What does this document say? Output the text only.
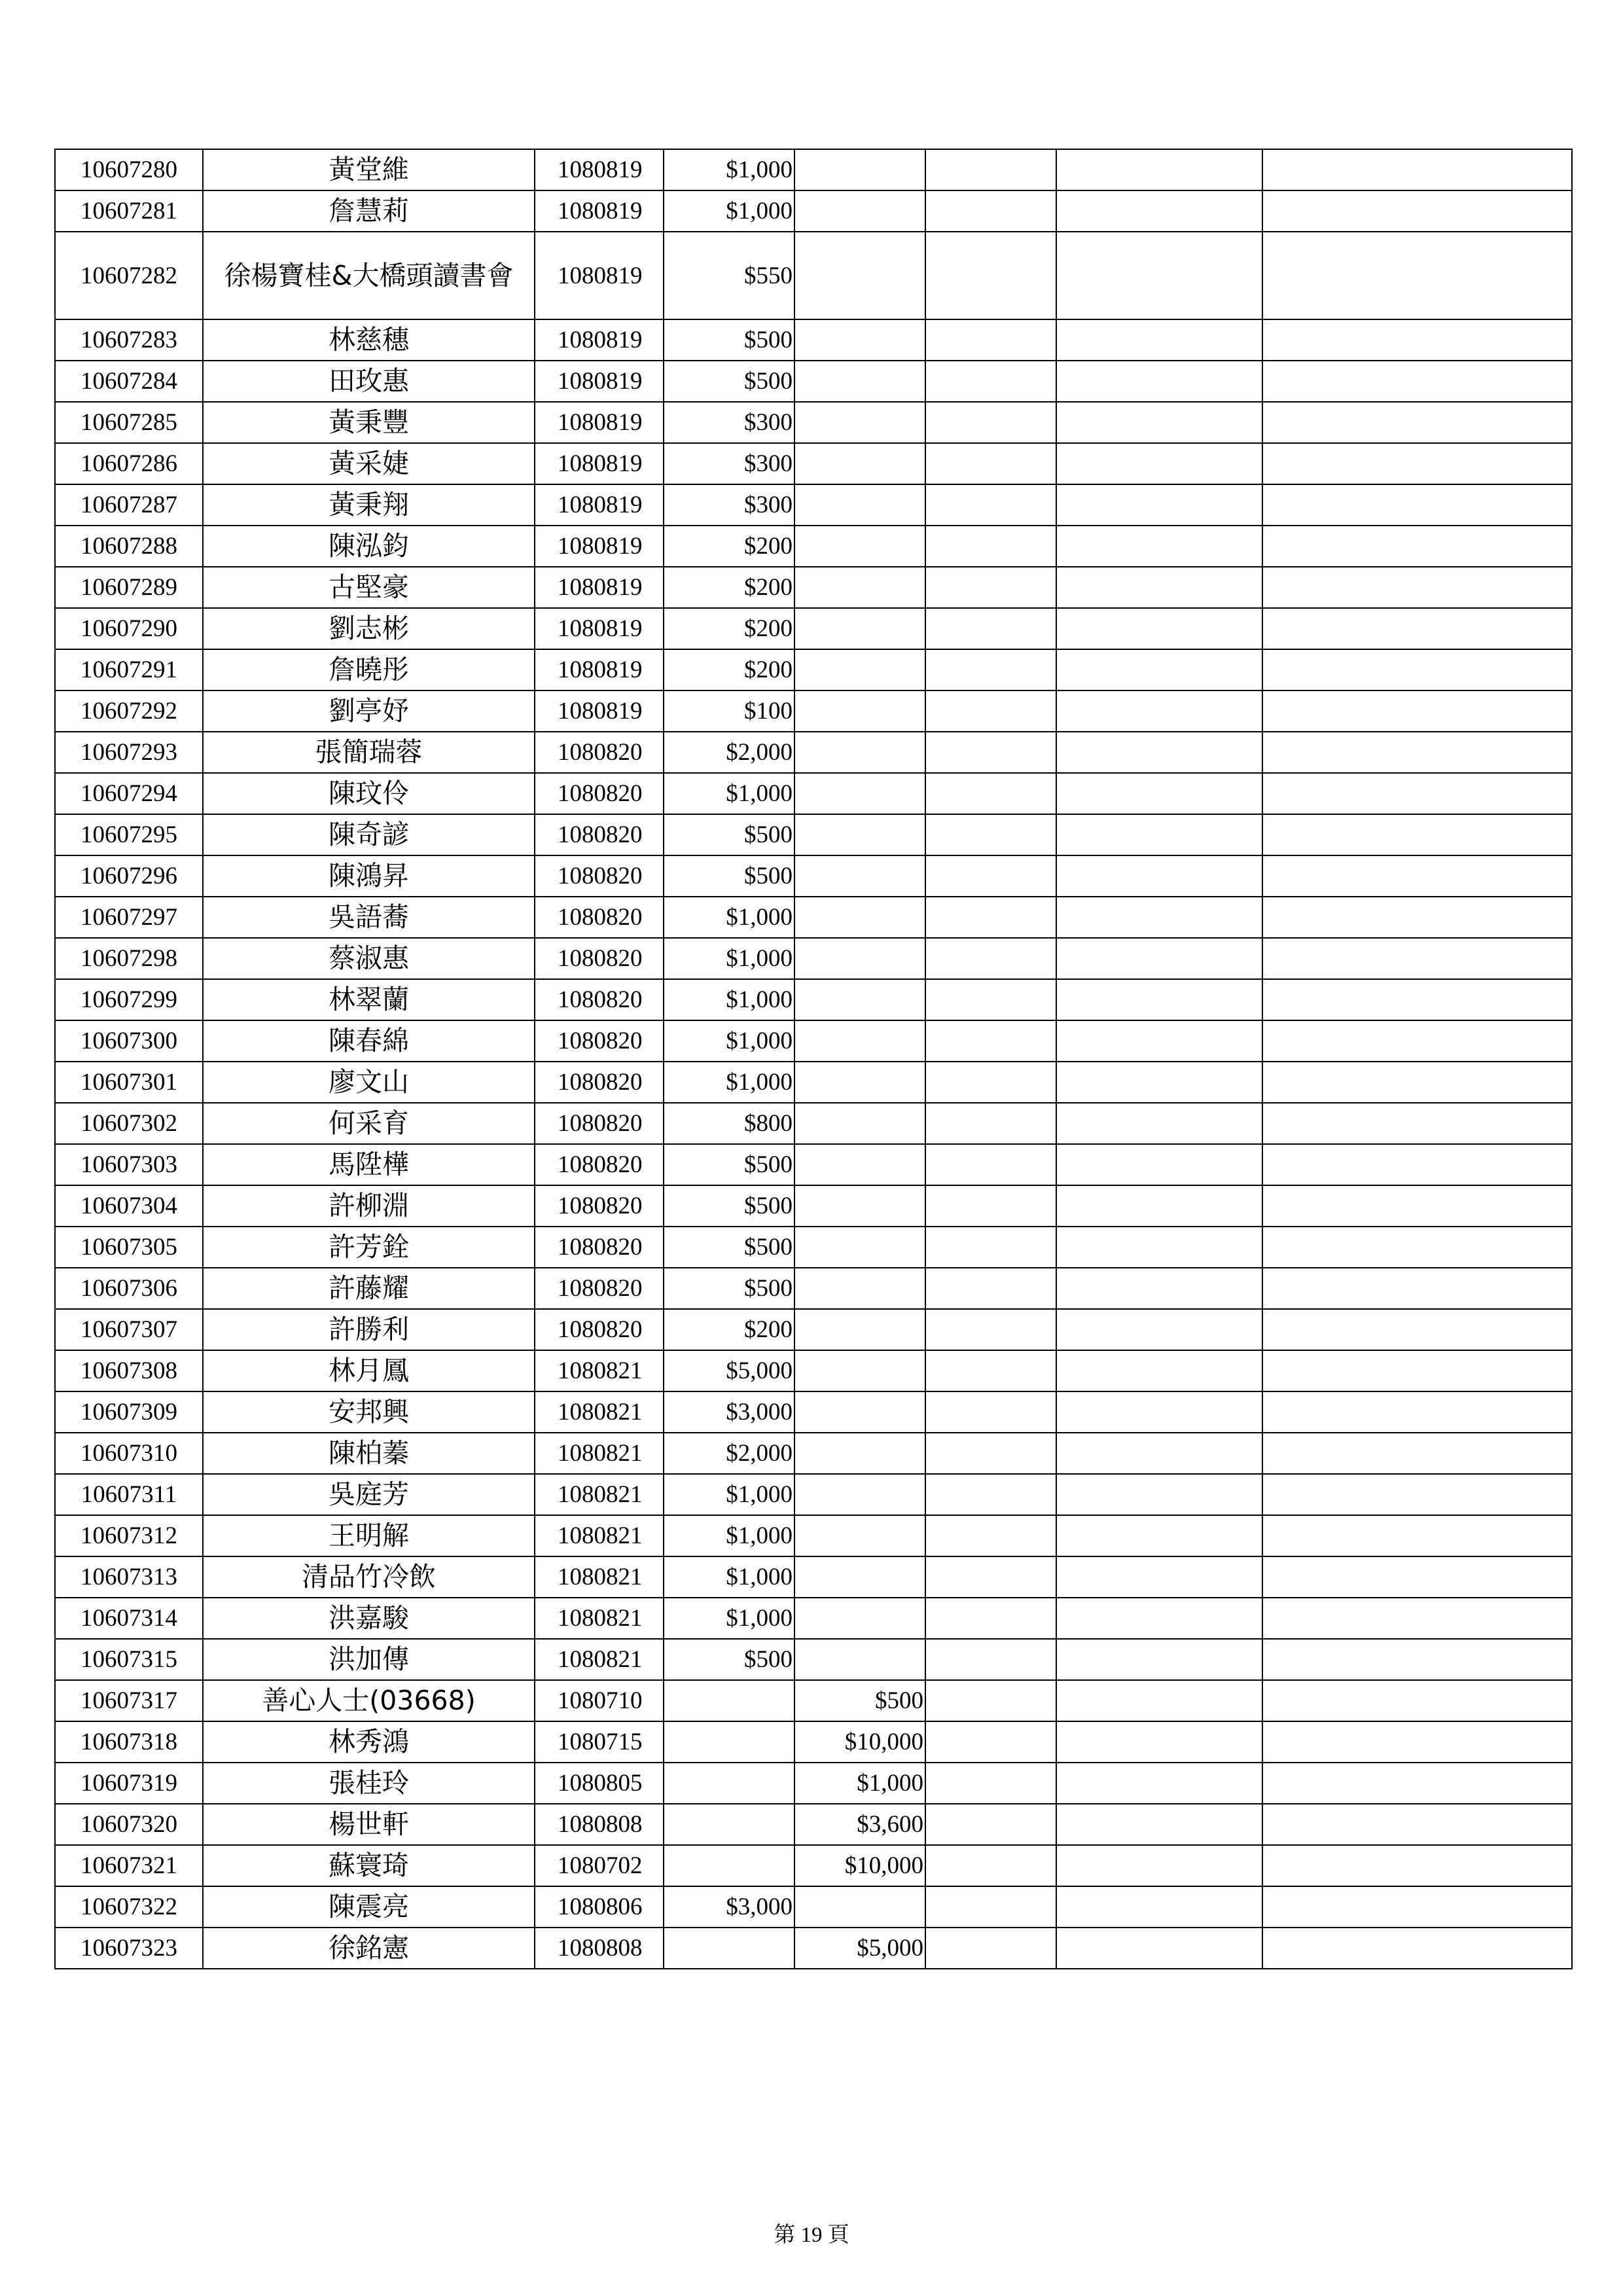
10607280	黃堂維	1080819	$1,000				
10607281	詹慧莉	1080819	$1,000				
10607282	徐楊寶桂&大橋頭讀書會	1080819	$550				
10607283	林慈穗	1080819	$500				
10607284	田玫惠	1080819	$500				
10607285	黃秉豐	1080819	$300				
10607286	黃采婕	1080819	$300				
10607287	黃秉翔	1080819	$300				
10607288	陳泓鈞	1080819	$200				
10607289	古堅豪	1080819	$200				
10607290	劉志彬	1080819	$200				
10607291	詹曉彤	1080819	$200				
10607292	劉亭妤	1080819	$100				
10607293	張簡瑞蓉	1080820	$2,000				
10607294	陳玟伶	1080820	$1,000				
10607295	陳奇諺	1080820	$500				
10607296	陳鴻昇	1080820	$500				
10607297	吳語蕎	1080820	$1,000				
10607298	蔡淑惠	1080820	$1,000				
10607299	林翠蘭	1080820	$1,000				
10607300	陳春綿	1080820	$1,000				
10607301	廖文山	1080820	$1,000				
10607302	何采育	1080820	$800				
10607303	馬陞樺	1080820	$500				
10607304	許柳淵	1080820	$500				
10607305	許芳銓	1080820	$500				
10607306	許藤耀	1080820	$500				
10607307	許勝利	1080820	$200				
10607308	林月鳳	1080821	$5,000				
10607309	安邦興	1080821	$3,000				
10607310	陳柏蓁	1080821	$2,000				
10607311	吳庭芳	1080821	$1,000				
10607312	王明解	1080821	$1,000				
10607313	清品竹冷飲	1080821	$1,000				
10607314	洪嘉駿	1080821	$1,000				
10607315	洪加傳	1080821	$500				
10607317	善心人士(03668)	1080710		$500			
10607318	林秀鴻	1080715		$10,000			
10607319	張桂玲	1080805		$1,000			
10607320	楊世軒	1080808		$3,600			
10607321	蘇寰琦	1080702		$10,000			
10607322	陳震亮	1080806	$3,000				
10607323	徐銘憲	1080808		$5,000			
第 19 頁
